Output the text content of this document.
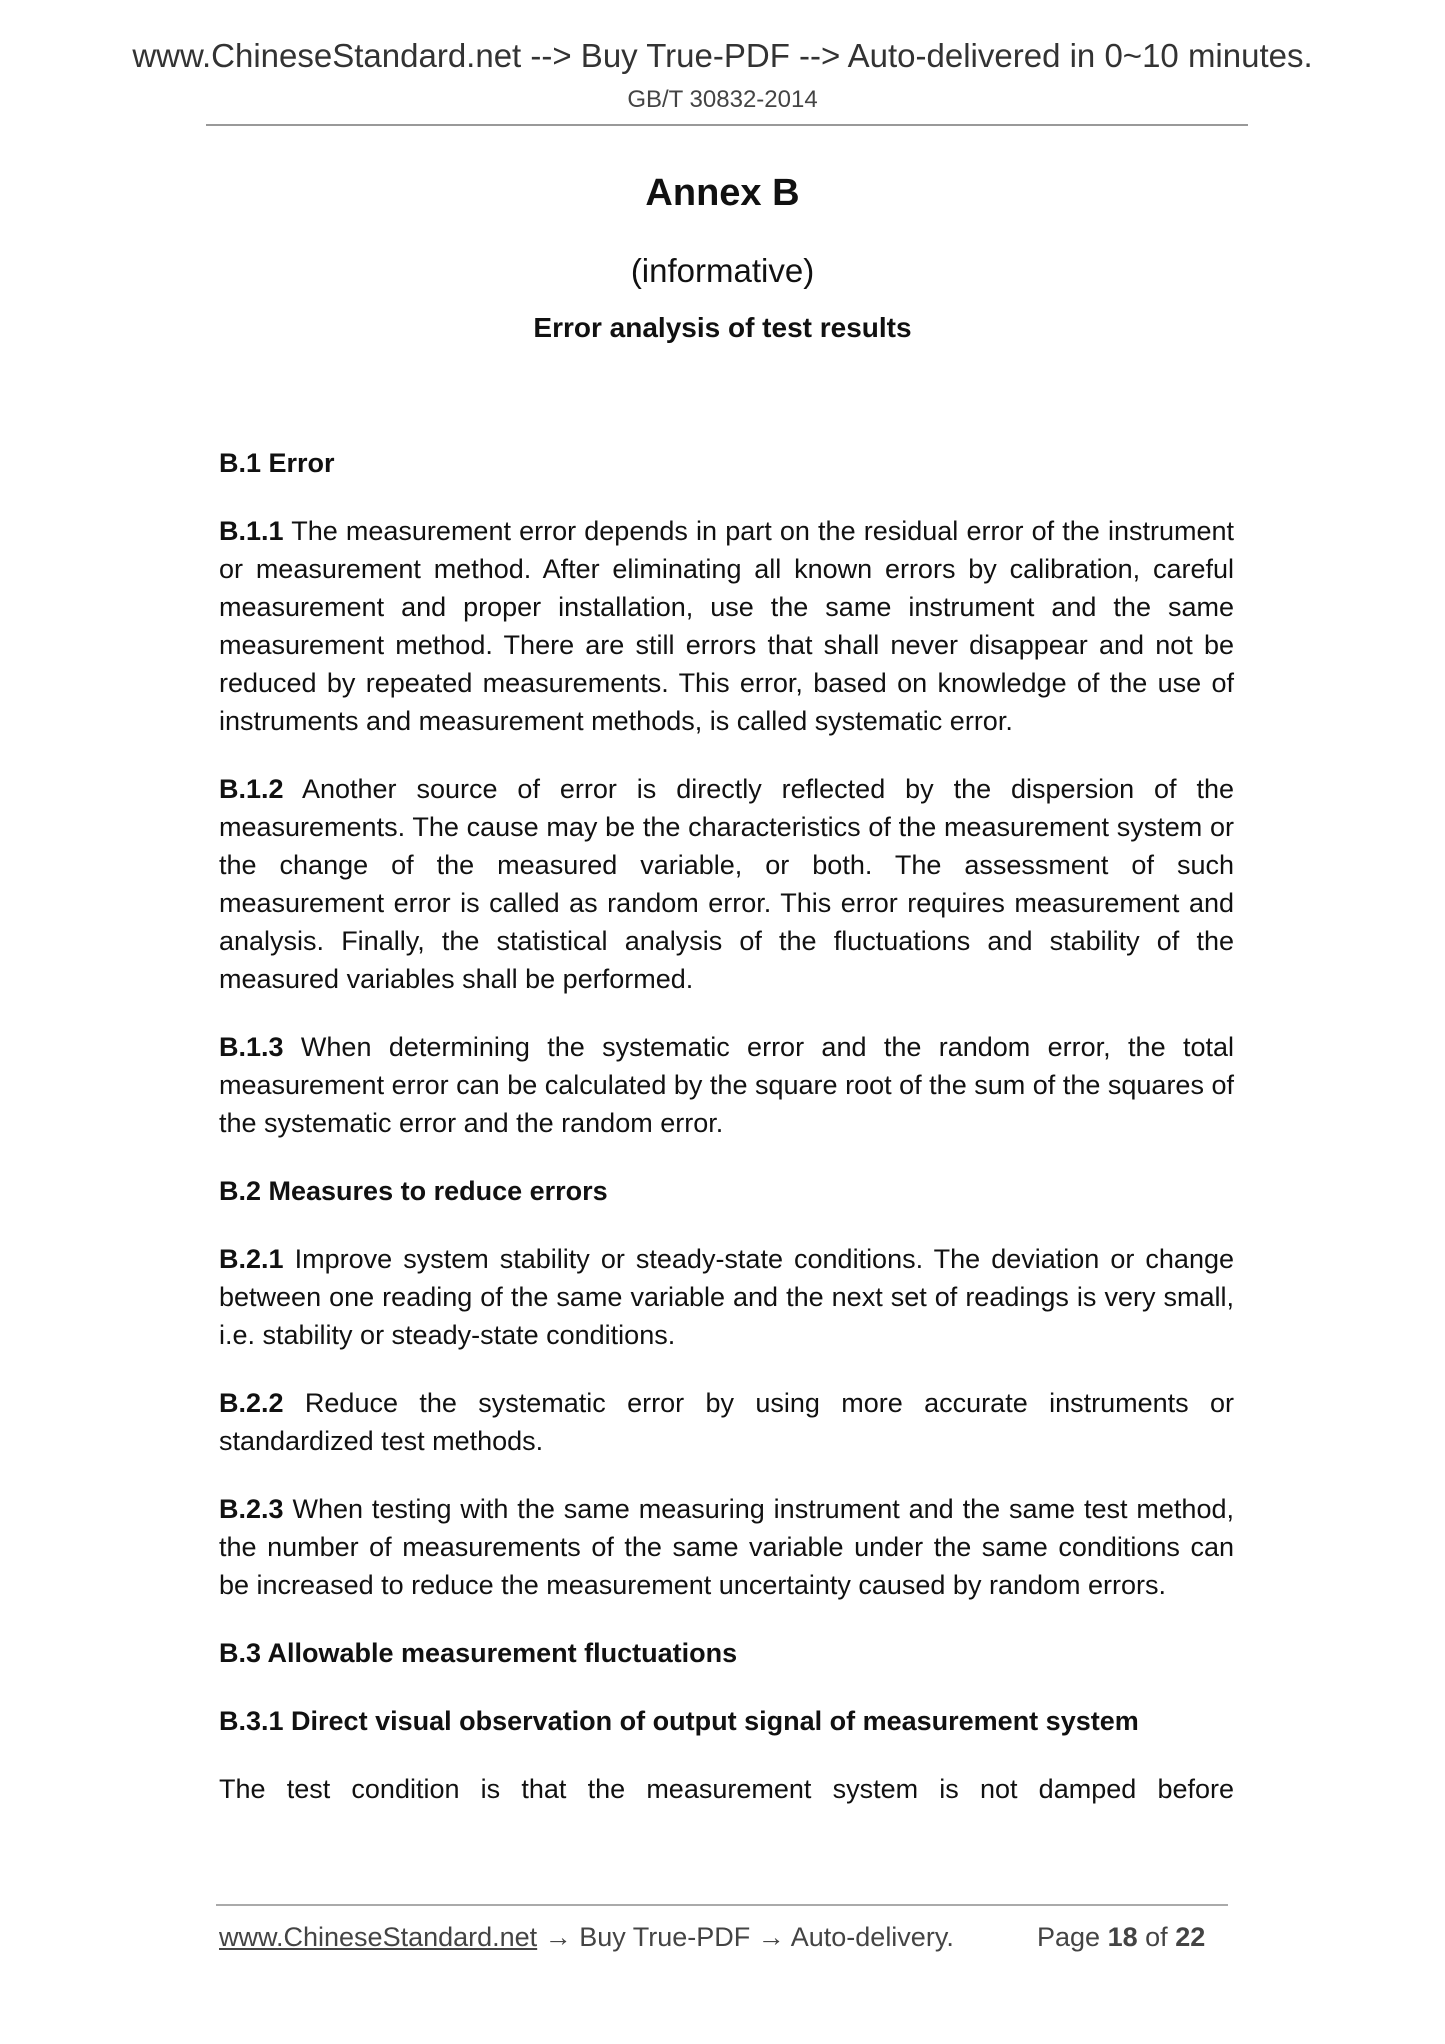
www.ChineseStandard.net --> Buy True-PDF --> Auto-delivered in 0~10 minutes.
GB/T 30832-2014
Annex B
(informative)
Error analysis of test results
B.1 Error

B.1.1 The measurement error depends in part on the residual error of the instrument or measurement method. After eliminating all known errors by calibration, careful measurement and proper installation, use the same instrument and the same measurement method. There are still errors that shall never disappear and not be reduced by repeated measurements. This error, based on knowledge of the use of instruments and measurement methods, is called systematic error.

B.1.2 Another source of error is directly reflected by the dispersion of the measurements. The cause may be the characteristics of the measurement system or the change of the measured variable, or both. The assessment of such measurement error is called as random error. This error requires measurement and analysis. Finally, the statistical analysis of the fluctuations and stability of the measured variables shall be performed.

B.1.3 When determining the systematic error and the random error, the total measurement error can be calculated by the square root of the sum of the squares of the systematic error and the random error.

B.2 Measures to reduce errors

B.2.1 Improve system stability or steady-state conditions. The deviation or change between one reading of the same variable and the next set of readings is very small, i.e. stability or steady-state conditions.

B.2.2 Reduce the systematic error by using more accurate instruments or standardized test methods.

B.2.3 When testing with the same measuring instrument and the same test method, the number of measurements of the same variable under the same conditions can be increased to reduce the measurement uncertainty caused by random errors.

B.3 Allowable measurement fluctuations
B.3.1 Direct visual observation of output signal of measurement system

The test condition is that the measurement system is not damped before

www.ChineseStandard.net → Buy True-PDF → Auto-delivery.	Page 18 of 22
